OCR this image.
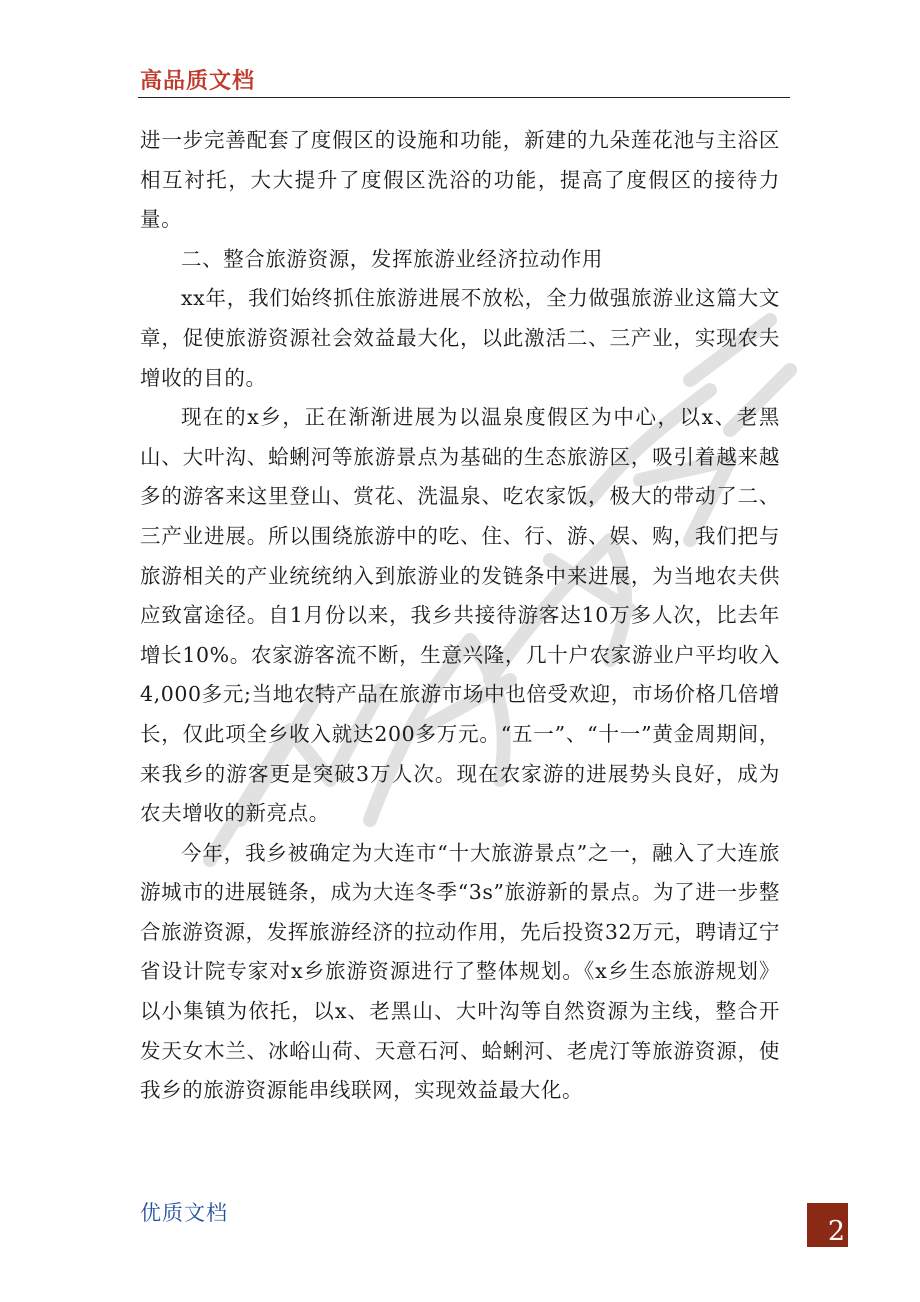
高品质文档

进一步完善配套了度假区的设施和功能，新建的九朵莲花池与主浴区相互衬托，大大提升了度假区洗浴的功能，提高了度假区的接待力量。

二、整合旅游资源，发挥旅游业经济拉动作用

xx年，我们始终抓住旅游进展不放松，全力做强旅游业这篇大文章，促使旅游资源社会效益最大化，以此激活二、三产业，实现农夫增收的目的。

现在的x乡，正在渐渐进展为以温泉度假区为中心，以x、老黑山、大叶沟、蛤蜊河等旅游景点为基础的生态旅游区，吸引着越来越多的游客来这里登山、赏花、洗温泉、吃农家饭，极大的带动了二、三产业进展。所以围绕旅游中的吃、住、行、游、娱、购，我们把与旅游相关的产业统统纳入到旅游业的发链条中来进展，为当地农夫供应致富途径。自1月份以来，我乡共接待游客达10万多人次，比去年增长10%。农家游客流不断，生意兴隆，几十户农家游业户平均收入4,000多元;当地农特产品在旅游市场中也倍受欢迎，市场价格几倍增长，仅此项全乡收入就达200多万元。“五一”、“十一”黄金周期间，来我乡的游客更是突破3万人次。现在农家游的进展势头良好，成为农夫增收的新亮点。

今年，我乡被确定为大连市“十大旅游景点”之一，融入了大连旅游城市的进展链条，成为大连冬季“3s”旅游新的景点。为了进一步整合旅游资源，发挥旅游经济的拉动作用，先后投资32万元，聘请辽宁省设计院专家对x乡旅游资源进行了整体规划。《x乡生态旅游规划》以小集镇为依托，以x、老黑山、大叶沟等自然资源为主线，整合开发天女木兰、冰峪山荷、天意石河、蛤蜊河、老虎汀等旅游资源，使我乡的旅游资源能串线联网，实现效益最大化。

优质文档
2
